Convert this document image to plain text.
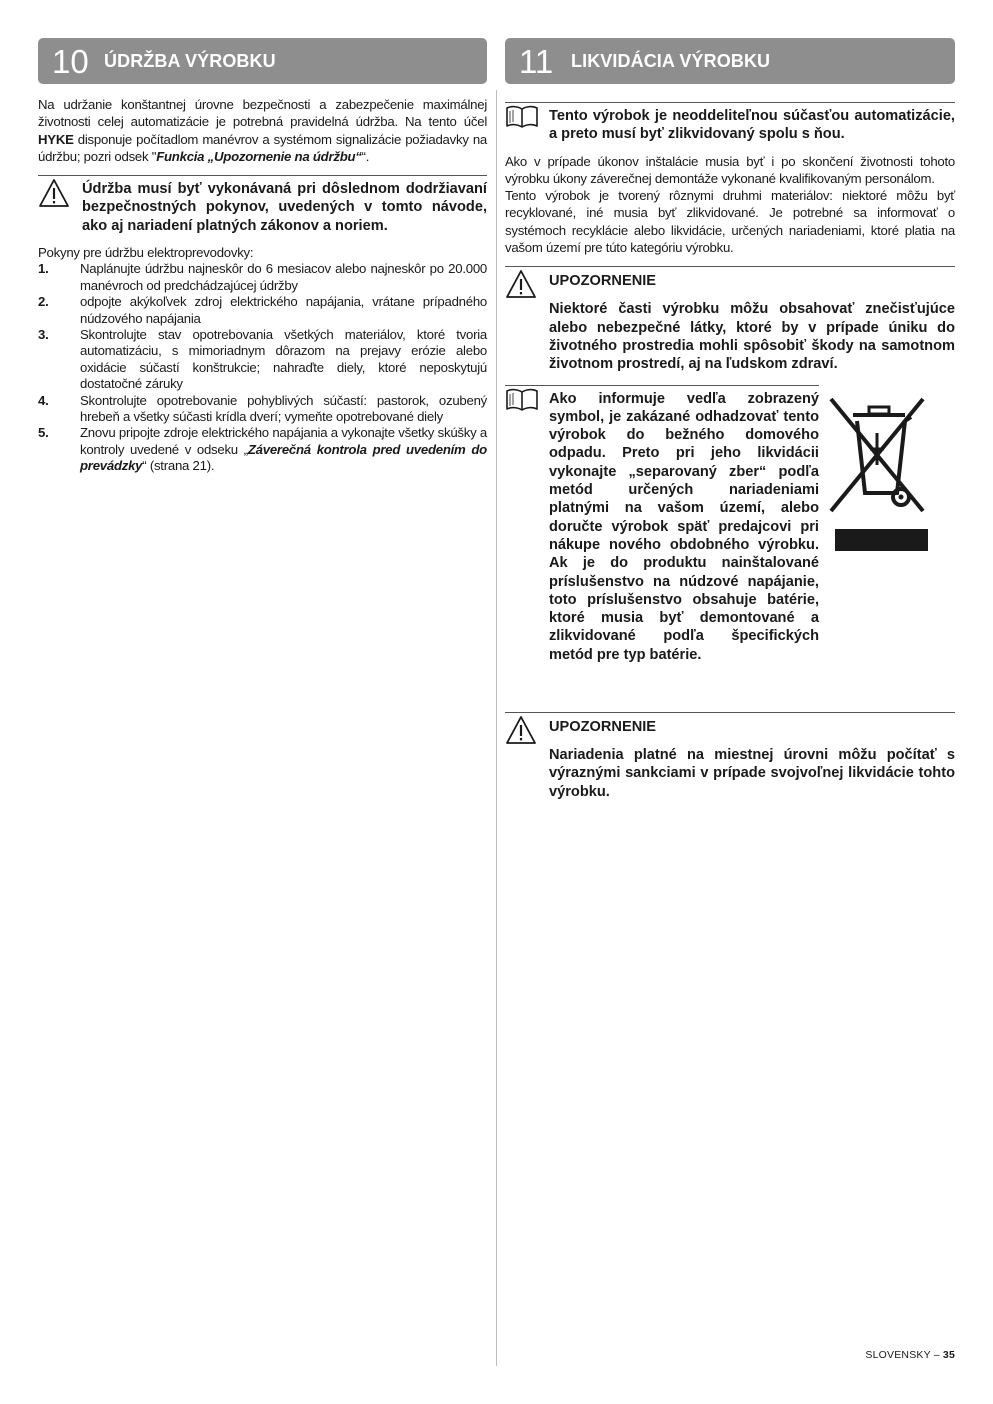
10 ÚDRŽBA VÝROBKU

Na udržanie konštantnej úrovne bezpečnosti a zabezpečenie maximálnej životnosti celej automatizácie je potrebná pravidelná údržba. Na tento účel HYKE disponuje počítadlom manévrov a systémom signalizácie požiadavky na údržbu; pozri odsek "Funkcia „Upozornenie na údržbu““.

Údržba musí byť vykonávaná pri dôslednom dodržiavaní bezpečnostných pokynov, uvedených v tomto návode, ako aj nariadení platných zákonov a noriem.

Pokyny pre údržbu elektroprevodovky:

1. Naplánujte údržbu najneskôr do 6 mesiacov alebo najneskôr po 20.000 manévroch od predchádzajúcej údržby
2. odpojte akýkoľvek zdroj elektrického napájania, vrátane prípadného núdzového napájania
3. Skontrolujte stav opotrebovania všetkých materiálov, ktoré tvoria automatizáciu, s mimoriadnym dôrazom na prejavy erózie alebo oxidácie súčastí konštrukcie; nahraďte diely, ktoré neposkytujú dostatočné záruky
4. Skontrolujte opotrebovanie pohyblivých súčastí: pastorok, ozubený hrebeň a všetky súčasti krídla dverí; vymeňte opotrebované diely
5. Znovu pripojte zdroje elektrického napájania a vykonajte všetky skúšky a kontroly uvedené v odseku „Záverečná kontrola pred uvedením do prevádzky“ (strana 21).
11 LIKVIDÁCIA VÝROBKU

Tento výrobok je neoddeliteľnou súčasťou automatizácie, a preto musí byť zlikvidovaný spolu s ňou.

Ako v prípade úkonov inštalácie musia byť i po skončení životnosti tohoto výrobku úkony záverečnej demontáže vykonané kvalifikovaným personálom.

Tento výrobok je tvorený rôznymi druhmi materiálov: niektoré môžu byť recyklované, iné musia byť zlikvidované. Je potrebné sa informovať o systémoch recyklácie alebo likvidácie, určených nariadeniami, ktoré platia na vašom území pre túto kategóriu výrobku.

UPOZORNENIE

Niektoré časti výrobku môžu obsahovať znečisťujúce alebo nebezpečné látky, ktoré by v prípade úniku do životného prostredia mohli spôsobiť škody na samotnom životnom prostredí, aj na ľudskom zdraví.

Ako informuje vedľa zobrazený symbol, je zakázané odhadzovať tento výrobok do bežného domového odpadu. Preto pri jeho likvidácii vykonajte „separovaný zber“ podľa metód určených nariadeniami platnými na vašom území, alebo doručte výrobok späť predajcovi pri nákupe nového obdobného výrobku. Ak je do produktu nainštalované príslušenstvo na núdzové napájanie, toto príslušenstvo obsahuje batérie, ktoré musia byť demontované a zlikvidované podľa špecifických metód pre typ batérie.

UPOZORNENIE

Nariadenia platné na miestnej úrovni môžu počítať s výraznými sankciami v prípade svojvoľnej likvidácie tohto výrobku.

SLOVENSKY – 35
